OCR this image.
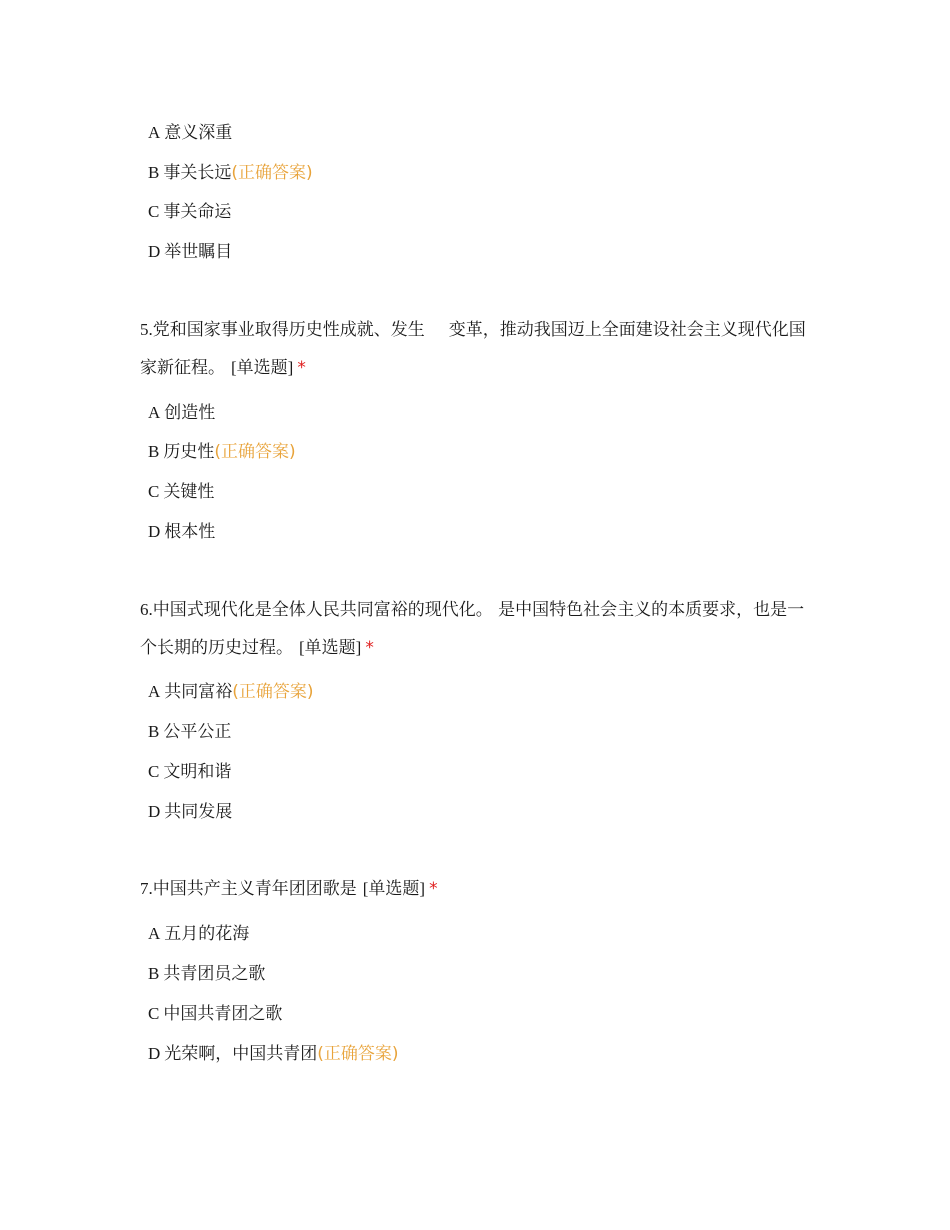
A 意义深重
B 事关长远(正确答案)
C 事关命运
D 举世瞩目
5.党和国家事业取得历史性成就、发生 变革，推动我国迈上全面建设社会主义现代化国家新征程。 [单选题] *
A 创造性
B 历史性(正确答案)
C 关键性
D 根本性
6.中国式现代化是全体人民共同富裕的现代化。 是中国特色社会主义的本质要求，也是一个长期的历史过程。 [单选题] *
A 共同富裕(正确答案)
B 公平公正
C 文明和谐
D 共同发展
7.中国共产主义青年团团歌是 [单选题] *
A 五月的花海
B 共青团员之歌
C 中国共青团之歌
D 光荣啊，中国共青团(正确答案)
